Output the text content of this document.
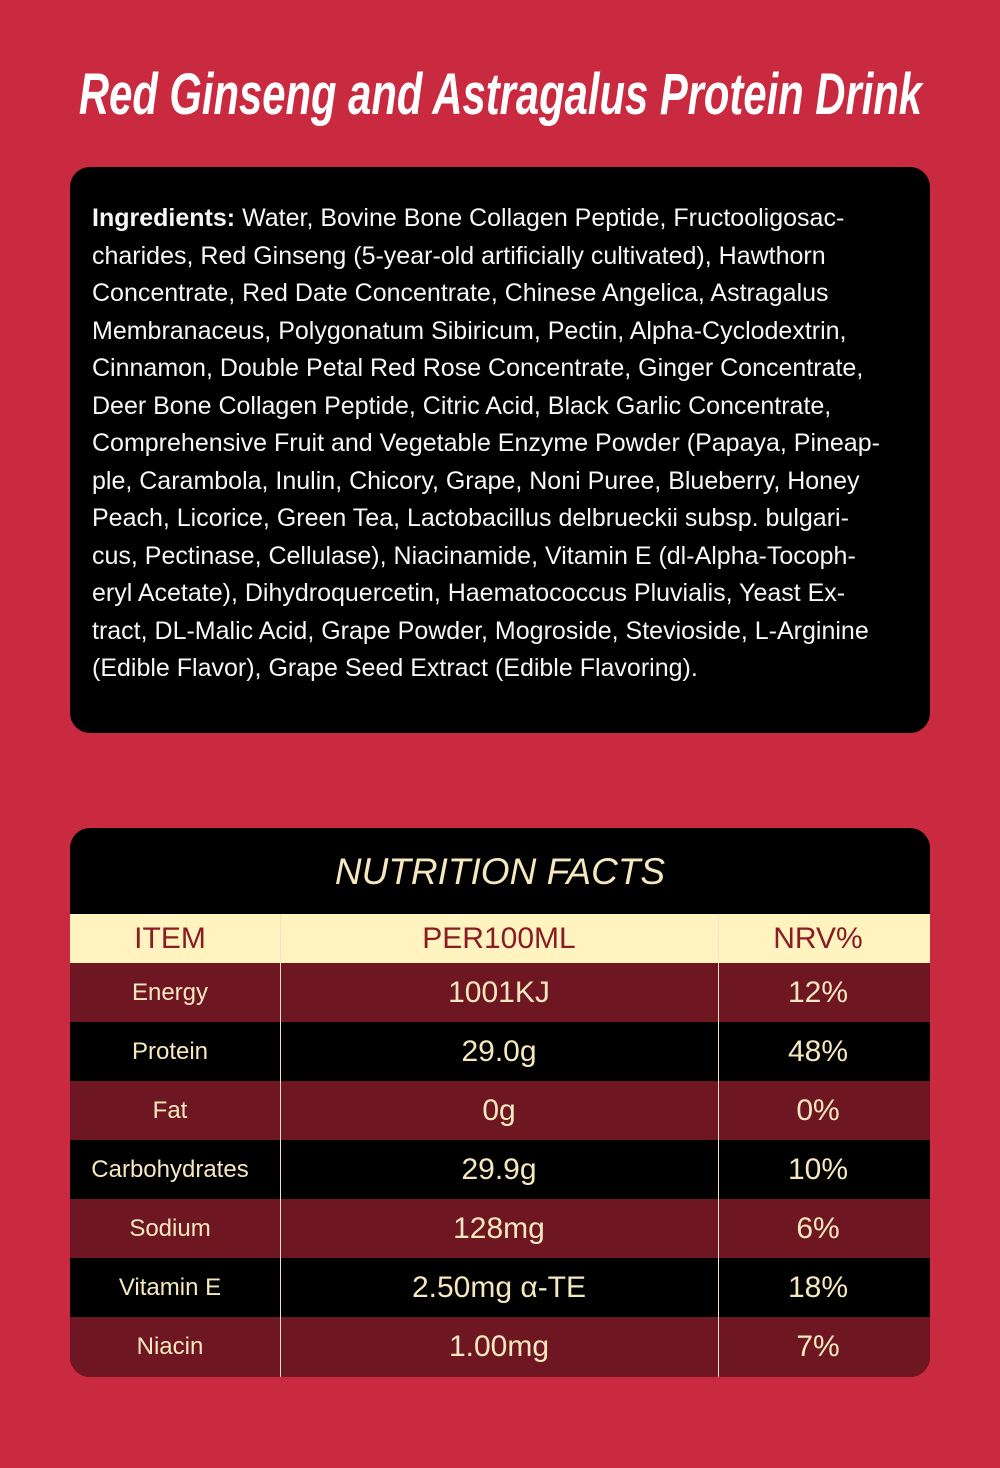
Red Ginseng and Astragalus Protein Drink
Ingredients: Water, Bovine Bone Collagen Peptide, Fructooligosac-
charides, Red Ginseng (5-year-old artificially cultivated), Hawthorn
Concentrate, Red Date Concentrate, Chinese Angelica, Astragalus
Membranaceus, Polygonatum Sibiricum, Pectin, Alpha-Cyclodextrin,
Cinnamon, Double Petal Red Rose Concentrate, Ginger Concentrate,
Deer Bone Collagen Peptide, Citric Acid, Black Garlic Concentrate,
Comprehensive Fruit and Vegetable Enzyme Powder (Papaya, Pineap-
ple, Carambola, Inulin, Chicory, Grape, Noni Puree, Blueberry, Honey
Peach, Licorice, Green Tea, Lactobacillus delbrueckii subsp. bulgari-
cus, Pectinase, Cellulase), Niacinamide, Vitamin E (dl-Alpha-Tocoph-
eryl Acetate), Dihydroquercetin, Haematococcus Pluvialis, Yeast Ex-
tract, DL-Malic Acid, Grape Powder, Mogroside, Stevioside, L-Arginine
(Edible Flavor), Grape Seed Extract (Edible Flavoring).
NUTRITION FACTS
ITEM	PER100ML	NRV%
Energy	1001KJ	12%
Protein	29.0g	48%
Fat	0g	0%
Carbohydrates	29.9g	10%
Sodium	128mg	6%
Vitamin E	2.50mg α-TE	18%
Niacin	1.00mg	7%
